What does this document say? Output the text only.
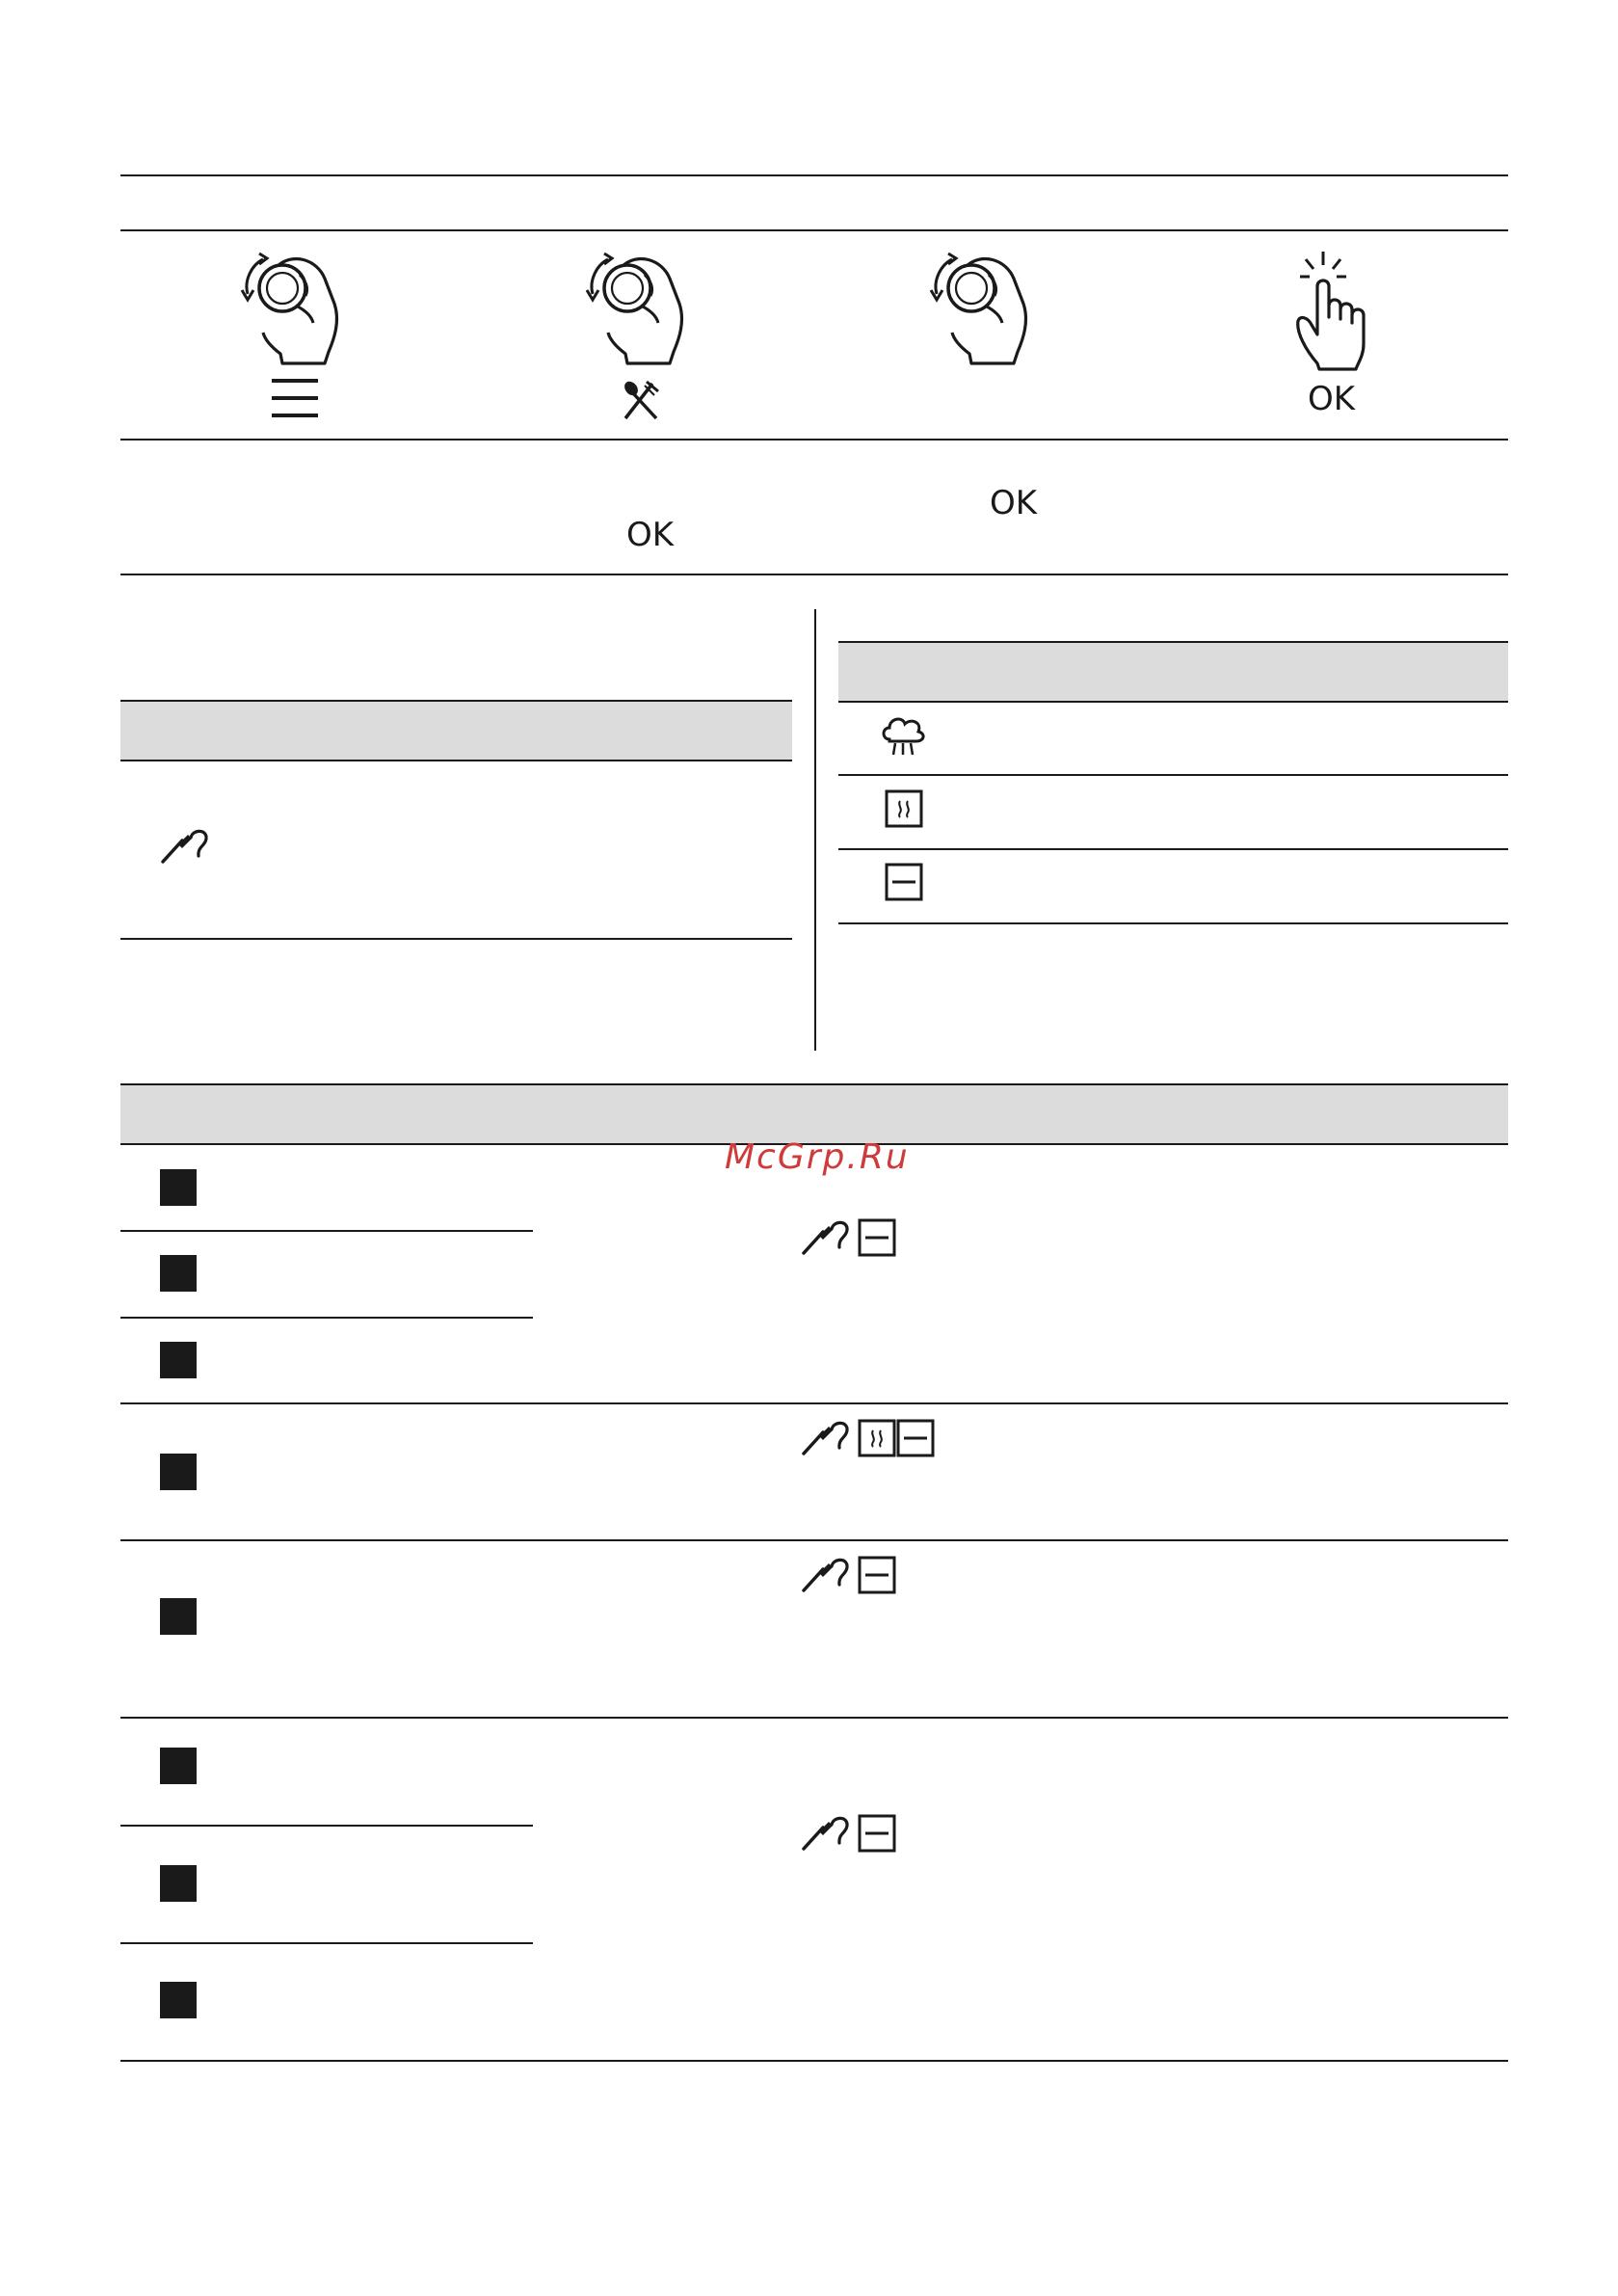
OK
OK
OK
McGrp.Ru
